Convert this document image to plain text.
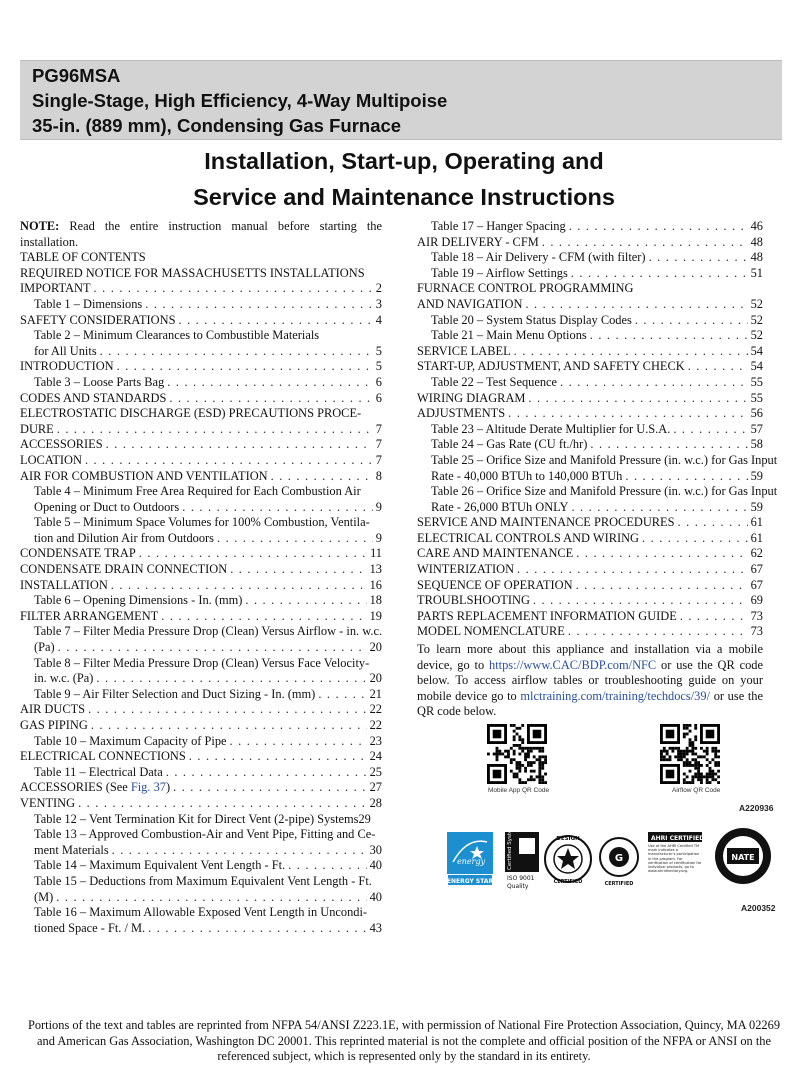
PG96MSA
Single-Stage, High Efficiency, 4-Way Multipoise
35-in. (889 mm), Condensing Gas Furnace
Installation, Start-up, Operating and
Service and Maintenance Instructions
NOTE: Read the entire instruction manual before starting the installation.
TABLE OF CONTENTS
REQUIRED NOTICE FOR MASSACHUSETTS INSTALLATIONS
IMPORTANT . . .	2
Table 1 – Dimensions . . .	3
SAFETY CONSIDERATIONS . . .	4
Table 2 – Minimum Clearances to Combustible Materials
for All Units . . .	5
INTRODUCTION . . .	5
Table 3 – Loose Parts Bag . . .	6
CODES AND STANDARDS . . .	6
ELECTROSTATIC DISCHARGE (ESD) PRECAUTIONS PROCE-
DURE . . .	7
ACCESSORIES . . .	7
LOCATION . . .	7
AIR FOR COMBUSTION AND VENTILATION . . .	8
Table 4 – Minimum Free Area Required for Each Combustion Air
Opening or Duct to Outdoors . . .	9
Table 5 – Minimum Space Volumes for 100% Combustion, Ventila-
tion and Dilution Air from Outdoors . . .	9
CONDENSATE TRAP . . .	11
CONDENSATE DRAIN CONNECTION . . .	13
INSTALLATION . . .	16
Table 6 – Opening Dimensions - In. (mm) . . .	18
FILTER ARRANGEMENT . . .	19
Table 7 – Filter Media Pressure Drop (Clean) Versus Airflow - in. w.c.
(Pa) . . .	20
Table 8 – Filter Media Pressure Drop (Clean) Versus Face Velocity-
in. w.c. (Pa) . . .	20
Table 9 – Air Filter Selection and Duct Sizing - In. (mm) . . .	21
AIR DUCTS . . .	22
GAS PIPING . . .	22
Table 10 – Maximum Capacity of Pipe . . .	23
ELECTRICAL CONNECTIONS . . .	24
Table 11 – Electrical Data . . .	25
ACCESSORIES (See Fig. 37) . . .	27
VENTING . . .	28
Table 12 – Vent Termination Kit for Direct Vent (2-pipe) Systems29
Table 13 – Approved Combustion-Air and Vent Pipe, Fitting and Ce-
ment Materials . . .	30
Table 14 – Maximum Equivalent Vent Length - Ft. . . .	40
Table 15 – Deductions from Maximum Equivalent Vent Length - Ft.
(M) . . .	40
Table 16 – Maximum Allowable Exposed Vent Length in Uncondi-
tioned Space - Ft. / M. . . .	43
Table 17 – Hanger Spacing . . .	46
AIR DELIVERY - CFM . . .	48
Table 18 – Air Delivery - CFM (with filter) . . .	48
Table 19 – Airflow Settings . . .	51
FURNACE CONTROL PROGRAMMING
AND NAVIGATION . . .	52
Table 20 – System Status Display Codes . . .	52
Table 21 – Main Menu Options . . .	52
SERVICE LABEL . . .	54
START-UP, ADJUSTMENT, AND SAFETY CHECK . . .	54
Table 22 – Test Sequence . . .	55
WIRING DIAGRAM . . .	55
ADJUSTMENTS . . .	56
Table 23 – Altitude Derate Multiplier for U.S.A. . . .	57
Table 24 – Gas Rate (CU ft./hr) . . .	58
Table 25 – Orifice Size and Manifold Pressure (in. w.c.) for Gas Input
Rate - 40,000 BTUh to 140,000 BTUh . . .	59
Table 26 – Orifice Size and Manifold Pressure (in. w.c.) for Gas Input
Rate - 26,000 BTUh ONLY . . .	59
SERVICE AND MAINTENANCE PROCEDURES . . .	61
ELECTRICAL CONTROLS AND WIRING . . .	61
CARE AND MAINTENANCE . . .	62
WINTERIZATION . . .	67
SEQUENCE OF OPERATION . . .	67
TROUBLSHOOTING . . .	69
PARTS REPLACEMENT INFORMATION GUIDE . . .	73
MODEL NOMENCLATURE . . .	73
To learn more about this appliance and installation via a mobile device, go to https://www.CAC/BDP.com/NFC or use the QR code below. To access airflow tables or troubleshooting guide on your mobile device go to mlctraining.com/training/techdocs/39/ or use the QR code below.
Mobile App QR Code	Airflow QR Code
A220936
energy
ENERGY STAR
Certified System
ISO 9001
Quality
DESIGN
CERTIFIED
G
CERTIFIED
AHRI CERTIFIED
Use of the AHRI Certified TM mark indicates a manufacturer's participation in the program. For verification of certification for individual products, go to www.ahridirectory.org.
NATE
A200352
Portions of the text and tables are reprinted from NFPA 54/ANSI Z223.1E, with permission of National Fire Protection Association, Quincy, MA 02269 and American Gas Association, Washington DC 20001. This reprinted material is not the complete and official position of the NFPA or ANSI on the referenced subject, which is represented only by the standard in its entirety.
